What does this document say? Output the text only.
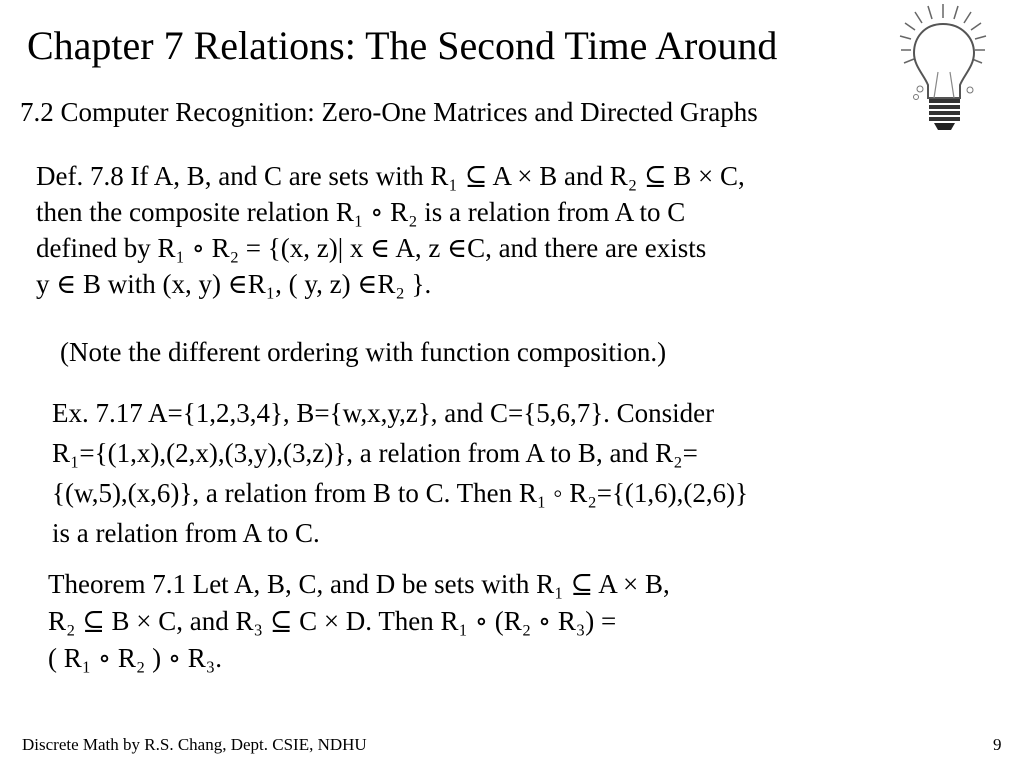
Chapter 7 Relations: The Second Time Around
7.2 Computer Recognition: Zero-One Matrices and Directed Graphs
Def. 7.8 If A, B, and C are sets with R₁ ⊆ A × B and R₂ ⊆ B × C,
then the composite relation R₁ ∘ R₂ is a relation from A to C
defined by R₁ ∘ R₂ = {(x, z)| x ∈ A, z ∈C, and there are exists
y ∈ B with (x, y) ∈R₁, ( y, z) ∈R₂ }.
(Note the different ordering with function composition.)
Ex. 7.17 A={1,2,3,4}, B={w,x,y,z}, and C={5,6,7}. Consider
R₁={(1,x),(2,x),(3,y),(3,z)}, a relation from A to B, and R₂=
{(w,5),(x,6)}, a relation from B to C. Then R₁ ◦ R₂={(1,6),(2,6)}
is a relation from A to C.
Theorem 7.1 Let A, B, C, and D be sets with R₁ ⊆ A × B,
R₂ ⊆ B × C, and R₃ ⊆ C × D. Then R₁ ∘ (R₂ ∘ R₃) =
( R₁ ∘ R₂ ) ∘ R₃.
Discrete Math by R.S. Chang, Dept. CSIE, NDHU	9
